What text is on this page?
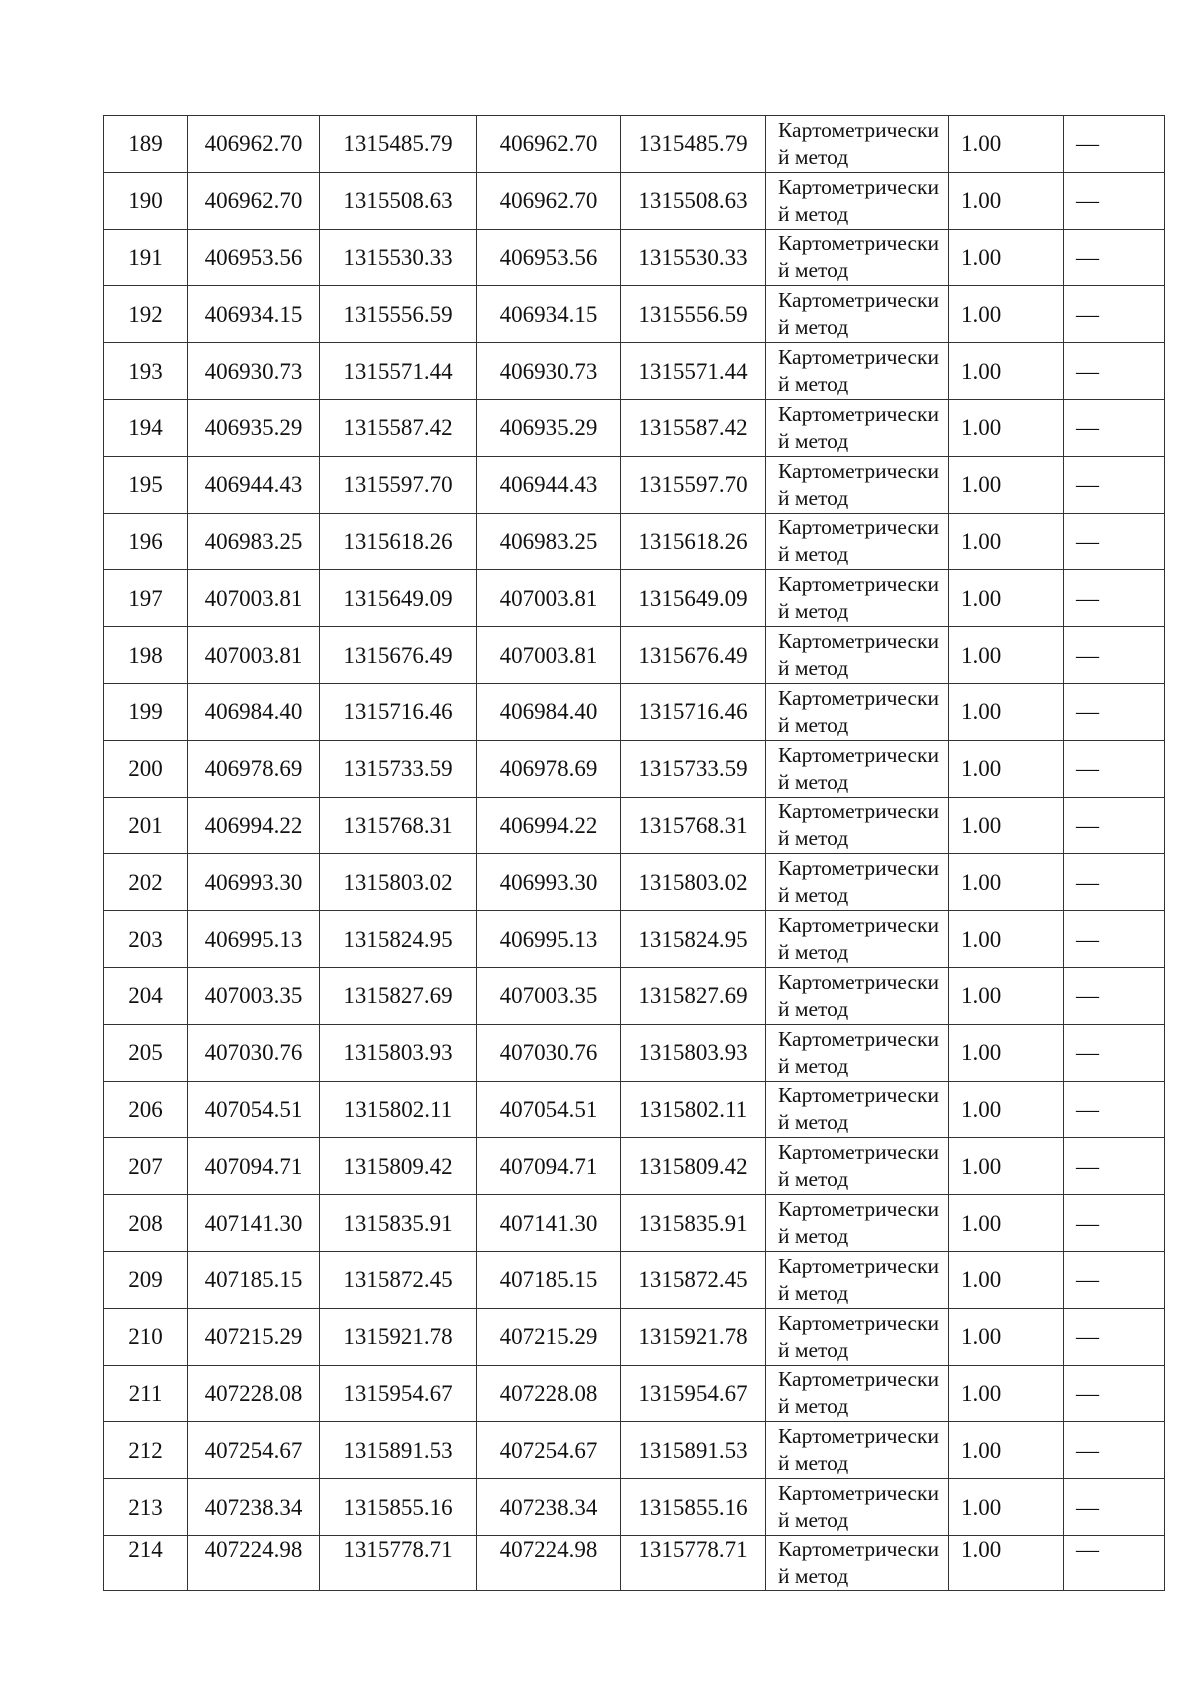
189	406962.70	1315485.79	406962.70	1315485.79	Картометрический метод	1.00	—
190	406962.70	1315508.63	406962.70	1315508.63	Картометрический метод	1.00	—
191	406953.56	1315530.33	406953.56	1315530.33	Картометрический метод	1.00	—
192	406934.15	1315556.59	406934.15	1315556.59	Картометрический метод	1.00	—
193	406930.73	1315571.44	406930.73	1315571.44	Картометрический метод	1.00	—
194	406935.29	1315587.42	406935.29	1315587.42	Картометрический метод	1.00	—
195	406944.43	1315597.70	406944.43	1315597.70	Картометрический метод	1.00	—
196	406983.25	1315618.26	406983.25	1315618.26	Картометрический метод	1.00	—
197	407003.81	1315649.09	407003.81	1315649.09	Картометрический метод	1.00	—
198	407003.81	1315676.49	407003.81	1315676.49	Картометрический метод	1.00	—
199	406984.40	1315716.46	406984.40	1315716.46	Картометрический метод	1.00	—
200	406978.69	1315733.59	406978.69	1315733.59	Картометрический метод	1.00	—
201	406994.22	1315768.31	406994.22	1315768.31	Картометрический метод	1.00	—
202	406993.30	1315803.02	406993.30	1315803.02	Картометрический метод	1.00	—
203	406995.13	1315824.95	406995.13	1315824.95	Картометрический метод	1.00	—
204	407003.35	1315827.69	407003.35	1315827.69	Картометрический метод	1.00	—
205	407030.76	1315803.93	407030.76	1315803.93	Картометрический метод	1.00	—
206	407054.51	1315802.11	407054.51	1315802.11	Картометрический метод	1.00	—
207	407094.71	1315809.42	407094.71	1315809.42	Картометрический метод	1.00	—
208	407141.30	1315835.91	407141.30	1315835.91	Картометрический метод	1.00	—
209	407185.15	1315872.45	407185.15	1315872.45	Картометрический метод	1.00	—
210	407215.29	1315921.78	407215.29	1315921.78	Картометрический метод	1.00	—
211	407228.08	1315954.67	407228.08	1315954.67	Картометрический метод	1.00	—
212	407254.67	1315891.53	407254.67	1315891.53	Картометрический метод	1.00	—
213	407238.34	1315855.16	407238.34	1315855.16	Картометрический метод	1.00	—
214	407224.98	1315778.71	407224.98	1315778.71	Картометрический метод	1.00	—
